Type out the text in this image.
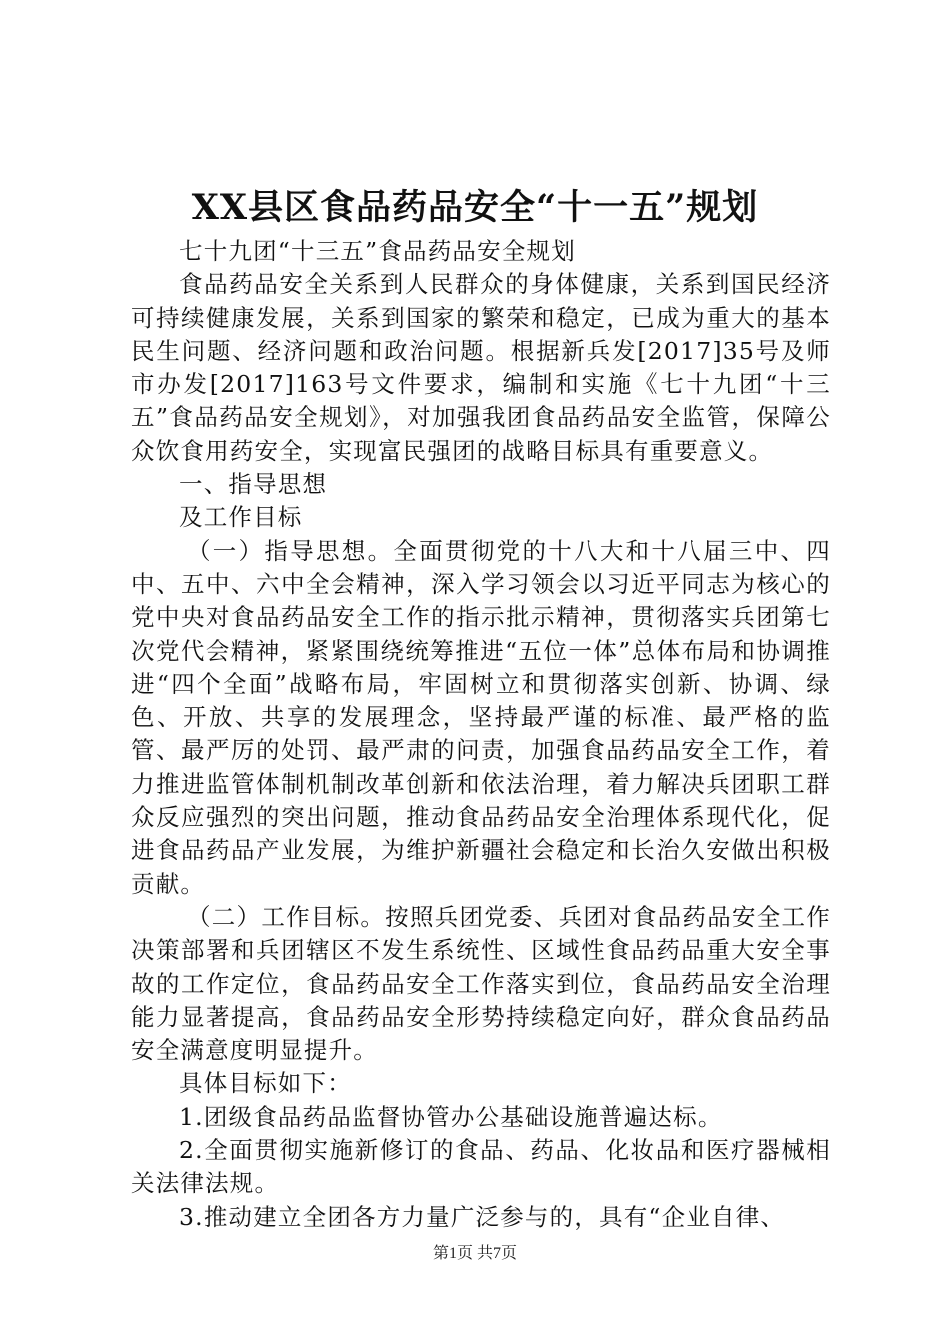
XX县区食品药品安全“十一五”规划

七十九团“十三五”食品药品安全规划

食品药品安全关系到人民群众的身体健康，关系到国民经济可持续健康发展，关系到国家的繁荣和稳定，已成为重大的基本民生问题、经济问题和政治问题。根据新兵发[2017]35号及师市办发[2017]163号文件要求，编制和实施《七十九团“十三五”食品药品安全规划》，对加强我团食品药品安全监管，保障公众饮食用药安全，实现富民强团的战略目标具有重要意义。

一、指导思想

及工作目标

（一）指导思想。全面贯彻党的十八大和十八届三中、四中、五中、六中全会精神，深入学习领会以习近平同志为核心的党中央对食品药品安全工作的指示批示精神，贯彻落实兵团第七次党代会精神，紧紧围绕统筹推进“五位一体”总体布局和协调推进“四个全面”战略布局，牢固树立和贯彻落实创新、协调、绿色、开放、共享的发展理念，坚持最严谨的标准、最严格的监管、最严厉的处罚、最严肃的问责，加强食品药品安全工作，着力推进监管体制机制改革创新和依法治理，着力解决兵团职工群众反应强烈的突出问题，推动食品药品安全治理体系现代化，促进食品药品产业发展，为维护新疆社会稳定和长治久安做出积极贡献。

（二）工作目标。按照兵团党委、兵团对食品药品安全工作决策部署和兵团辖区不发生系统性、区域性食品药品重大安全事故的工作定位，食品药品安全工作落实到位，食品药品安全治理能力显著提高，食品药品安全形势持续稳定向好，群众食品药品安全满意度明显提升。

具体目标如下：

1.团级食品药品监督协管办公基础设施普遍达标。

2.全面贯彻实施新修订的食品、药品、化妆品和医疗器械相关法律法规。

3.推动建立全团各方力量广泛参与的，具有“企业自律、

第1页 共7页
